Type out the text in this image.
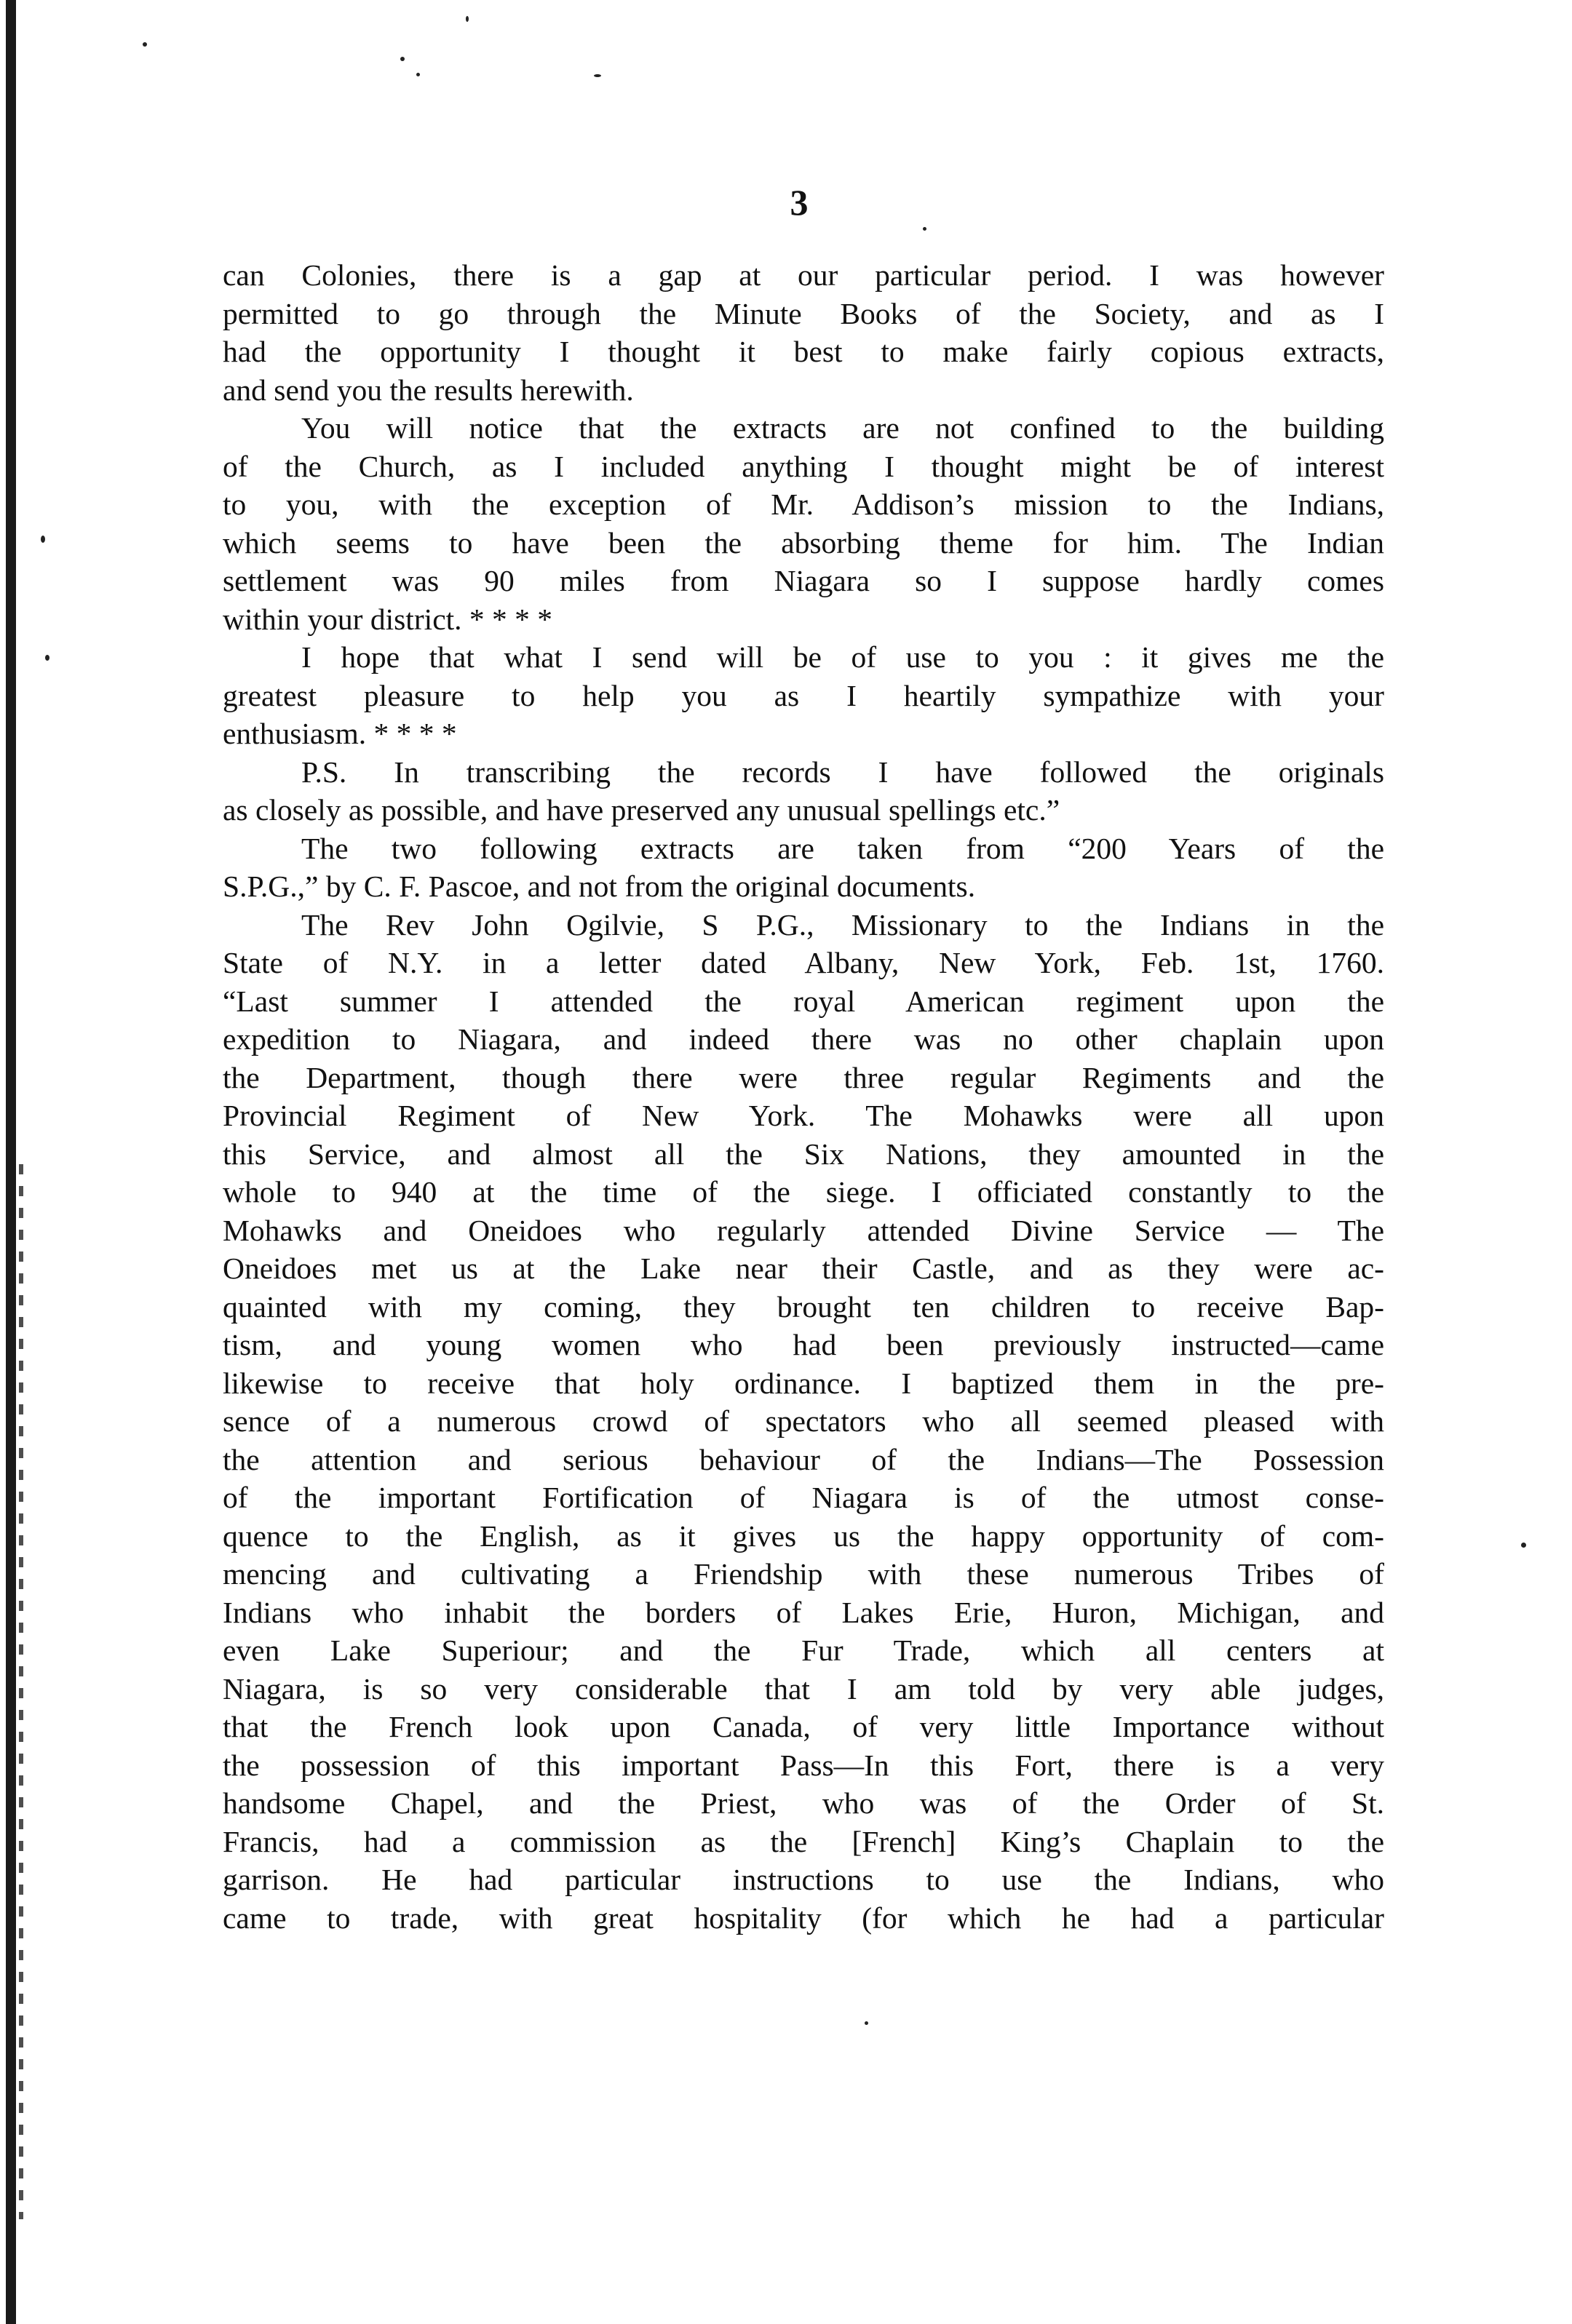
3
can Colonies, there is a gap at our particular period. I was however
permitted to go through the Minute Books of the Society, and as I
had the opportunity I thought it best to make fairly copious extracts,
and send you the results herewith.
You will notice that the extracts are not confined to the building
of the Church, as I included anything I thought might be of interest
to you, with the exception of Mr. Addison’s mission to the Indians,
which seems to have been the absorbing theme for him. The Indian
settlement was 90 miles from Niagara so I suppose hardly comes
within your district. * * * *
I hope that what I send will be of use to you : it gives me the
greatest pleasure to help you as I heartily sympathize with your
enthusiasm. * * * *
P.S. In transcribing the records I have followed the originals
as closely as possible, and have preserved any unusual spellings etc.”
The two following extracts are taken from “200 Years of the
S.P.G.,” by C. F. Pascoe, and not from the original documents.
The Rev John Ogilvie, S P.G., Missionary to the Indians in the
State of N.Y. in a letter dated Albany, New York, Feb. 1st, 1760.
“Last summer I attended the royal American regiment upon the
expedition to Niagara, and indeed there was no other chaplain upon
the Department, though there were three regular Regiments and the
Provincial Regiment of New York. The Mohawks were all upon
this Service, and almost all the Six Nations, they amounted in the
whole to 940 at the time of the siege. I officiated constantly to the
Mohawks and Oneidoes who regularly attended Divine Service — The
Oneidoes met us at the Lake near their Castle, and as they were ac-
quainted with my coming, they brought ten children to receive Bap-
tism, and young women who had been previously instructed—came
likewise to receive that holy ordinance. I baptized them in the pre-
sence of a numerous crowd of spectators who all seemed pleased with
the attention and serious behaviour of the Indians—The Possession
of the important Fortification of Niagara is of the utmost conse-
quence to the English, as it gives us the happy opportunity of com-
mencing and cultivating a Friendship with these numerous Tribes of
Indians who inhabit the borders of Lakes Erie, Huron, Michigan, and
even Lake Superiour; and the Fur Trade, which all centers at
Niagara, is so very considerable that I am told by very able judges,
that the French look upon Canada, of very little Importance without
the possession of this important Pass—In this Fort, there is a very
handsome Chapel, and the Priest, who was of the Order of St.
Francis, had a commission as the [French] King’s Chaplain to the
garrison. He had particular instructions to use the Indians, who
came to trade, with great hospitality (for which he had a particular
